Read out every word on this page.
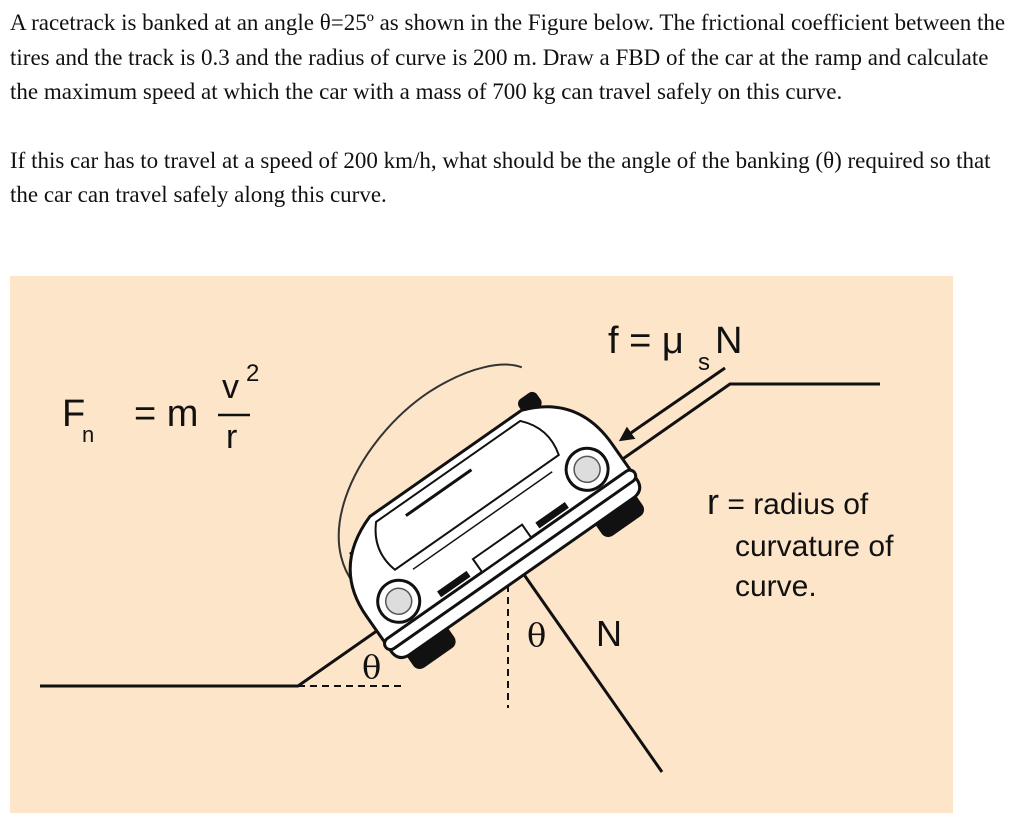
A racetrack is banked at an angle θ=25º as shown in the Figure below. The frictional coefficient between the tires and the track is 0.3 and the radius of curve is 200 m. Draw a FBD of the car at the ramp and calculate the maximum speed at which the car with a mass of 700 kg can travel safely on this curve.

If this car has to travel at a speed of 200 km/h, what should be the angle of the banking (θ) required so that the car can travel safely along this curve.

F
n = m
v 2
r
f = μ
s
N
r = radius of
curvature of
curve.
N
θ
θ
